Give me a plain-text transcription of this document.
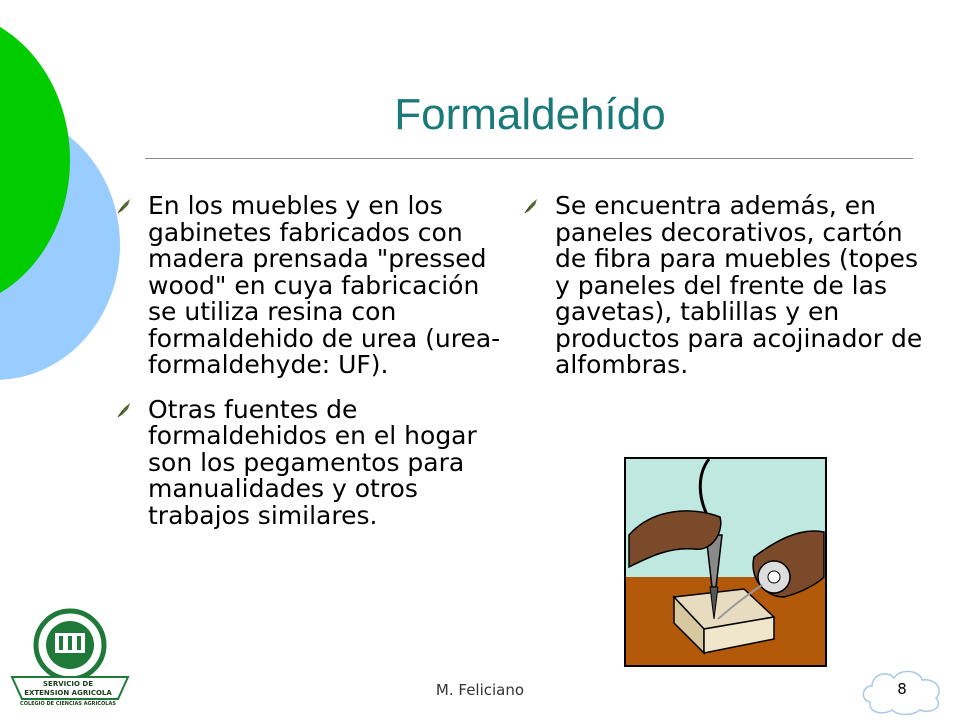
Formaldehído
En los muebles y en los gabinetes fabricados con madera prensada "pressed wood" en cuya fabricación se utiliza resina con formaldehido de urea (urea-formaldehyde: UF).
Otras fuentes de formaldehidos en el hogar son los pegamentos para manualidades y otros trabajos similares.
Se encuentra además, en paneles decorativos, cartón de fibra para muebles (topes y paneles del frente de las gavetas), tablillas y en productos para acojinador de alfombras.
SERVICIO DE
EXTENSION AGRICOLA
COLEGIO DE CIENCIAS AGRICOLAS
M. Feliciano	8
